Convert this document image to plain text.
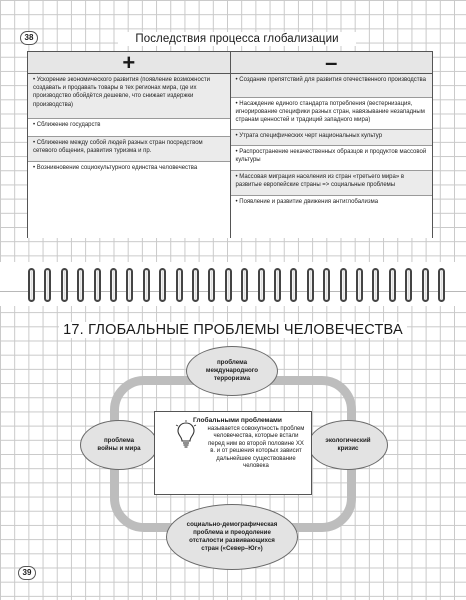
38	Последствия процесса глобализации
+	–
• Ускорение экономического развития (появление возможности создавать и продавать товары в тех регионах мира, где их производство обойдётся дешевле, что снижает издержки производства)
• Сближение государств
• Сближение между собой людей разных стран посредством сетевого общения, развития туризма и пр.
• Возникновение социокультурного единства человечества
• Создание препятствий для развития отечественного производства
• Насаждение единого стандарта потребления (вестернизация, игнорирование специфики разных стран, навязывание незападным странам ценностей и традиций западного мира)
• Утрата специфических черт национальных культур
• Распространение некачественных образцов и продуктов массовой культуры
• Массовая миграция населения из стран «третьего мира» в развитые европейские страны => социальные проблемы
• Появление и развитие движения антиглобализма
17. ГЛОБАЛЬНЫЕ ПРОБЛЕМЫ ЧЕЛОВЕЧЕСТВА
проблема международного терроризма
проблема войны и мира
экологический кризис
социально-демографическая проблема и преодоление отсталости развивающихся стран («Север–Юг»)
Глобальными проблемами
называется совокупность проблем человечества, которые встали перед ним во второй половине XX в. и от решения которых зависит дальнейшее существование человека
39
